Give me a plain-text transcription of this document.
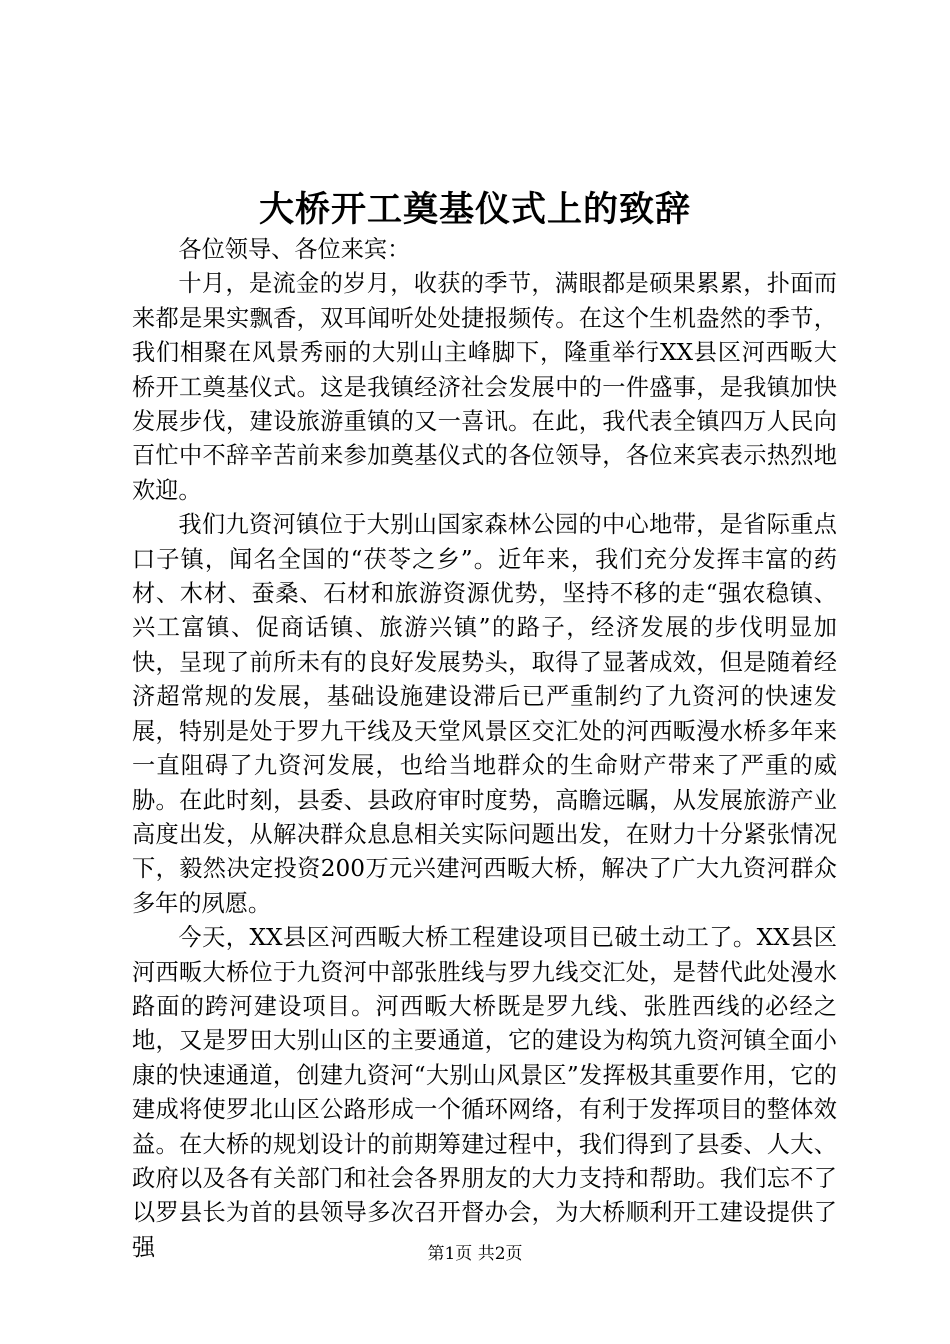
大桥开工奠基仪式上的致辞

各位领导、各位来宾：

十月，是流金的岁月，收获的季节，满眼都是硕果累累，扑面而来都是果实飘香，双耳闻听处处捷报频传。在这个生机盎然的季节，我们相聚在风景秀丽的大别山主峰脚下，隆重举行XX县区河西畈大桥开工奠基仪式。这是我镇经济社会发展中的一件盛事，是我镇加快发展步伐，建设旅游重镇的又一喜讯。在此，我代表全镇四万人民向百忙中不辞辛苦前来参加奠基仪式的各位领导，各位来宾表示热烈地欢迎。

我们九资河镇位于大别山国家森林公园的中心地带，是省际重点口子镇，闻名全国的“茯苓之乡”。近年来，我们充分发挥丰富的药材、木材、蚕桑、石材和旅游资源优势，坚持不移的走“强农稳镇、兴工富镇、促商话镇、旅游兴镇”的路子，经济发展的步伐明显加快，呈现了前所未有的良好发展势头，取得了显著成效，但是随着经济超常规的发展，基础设施建设滞后已严重制约了九资河的快速发展，特别是处于罗九干线及天堂风景区交汇处的河西畈漫水桥多年来一直阻碍了九资河发展，也给当地群众的生命财产带来了严重的威胁。在此时刻，县委、县政府审时度势，高瞻远瞩，从发展旅游产业高度出发，从解决群众息息相关实际问题出发，在财力十分紧张情况下，毅然决定投资200万元兴建河西畈大桥，解决了广大九资河群众多年的夙愿。

今天，XX县区河西畈大桥工程建设项目已破土动工了。XX县区河西畈大桥位于九资河中部张胜线与罗九线交汇处，是替代此处漫水路面的跨河建设项目。河西畈大桥既是罗九线、张胜西线的必经之地，又是罗田大别山区的主要通道，它的建设为构筑九资河镇全面小康的快速通道，创建九资河“大别山风景区”发挥极其重要作用，它的建成将使罗北山区公路形成一个循环网络，有利于发挥项目的整体效益。在大桥的规划设计的前期筹建过程中，我们得到了县委、人大、政府以及各有关部门和社会各界朋友的大力支持和帮助。我们忘不了以罗县长为首的县领导多次召开督办会，为大桥顺利开工建设提供了强	第1页 共2页
